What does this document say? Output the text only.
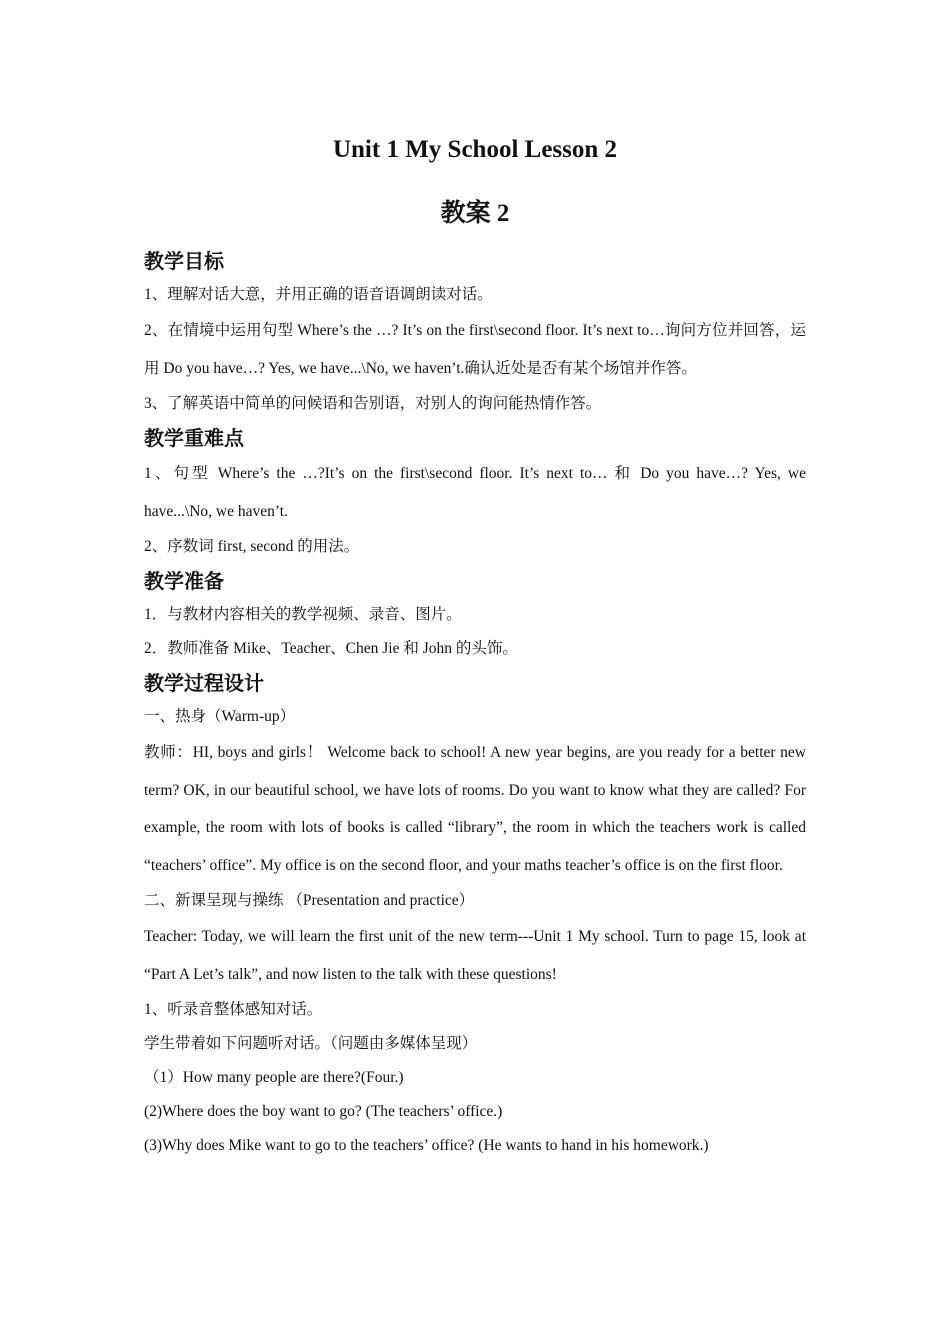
Unit 1 My School Lesson 2
教案 2
教学目标

1、理解对话大意，并用正确的语音语调朗读对话。

2、在情境中运用句型 Where’s the …? It’s on the first\second floor. It’s next to…询问方位并回答，运用 Do you have…? Yes, we have...\No, we haven’t.确认近处是否有某个场馆并作答。

3、了解英语中简单的问候语和告别语，对别人的询问能热情作答。

教学重难点

1、句型 Where’s the …?It’s on the first\second floor. It’s next to… 和 Do you have…? Yes, we have...\No, we haven’t.

2、序数词 first, second 的用法。

教学准备

1．与教材内容相关的教学视频、录音、图片。

2．教师准备 Mike、Teacher、Chen Jie 和 John 的头饰。

教学过程设计

一、热身（Warm-up）

教师：HI, boys and girls！ Welcome back to school! A new year begins, are you ready for a better new term? OK, in our beautiful school, we have lots of rooms. Do you want to know what they are called? For example, the room with lots of books is called “library”, the room in which the teachers work is called “teachers’ office”. My office is on the second floor, and your maths teacher’s office is on the first floor.

二、新课呈现与操练 （Presentation and practice）

Teacher: Today, we will learn the first unit of the new term---Unit 1 My school. Turn to page 15, look at “Part A Let’s talk”, and now listen to the talk with these questions!

1、听录音整体感知对话。

学生带着如下问题听对话。（问题由多媒体呈现）

（1）How many people are there?(Four.)

(2)Where does the boy want to go? (The teachers’ office.)

(3)Why does Mike want to go to the teachers’ office? (He wants to hand in his homework.)
